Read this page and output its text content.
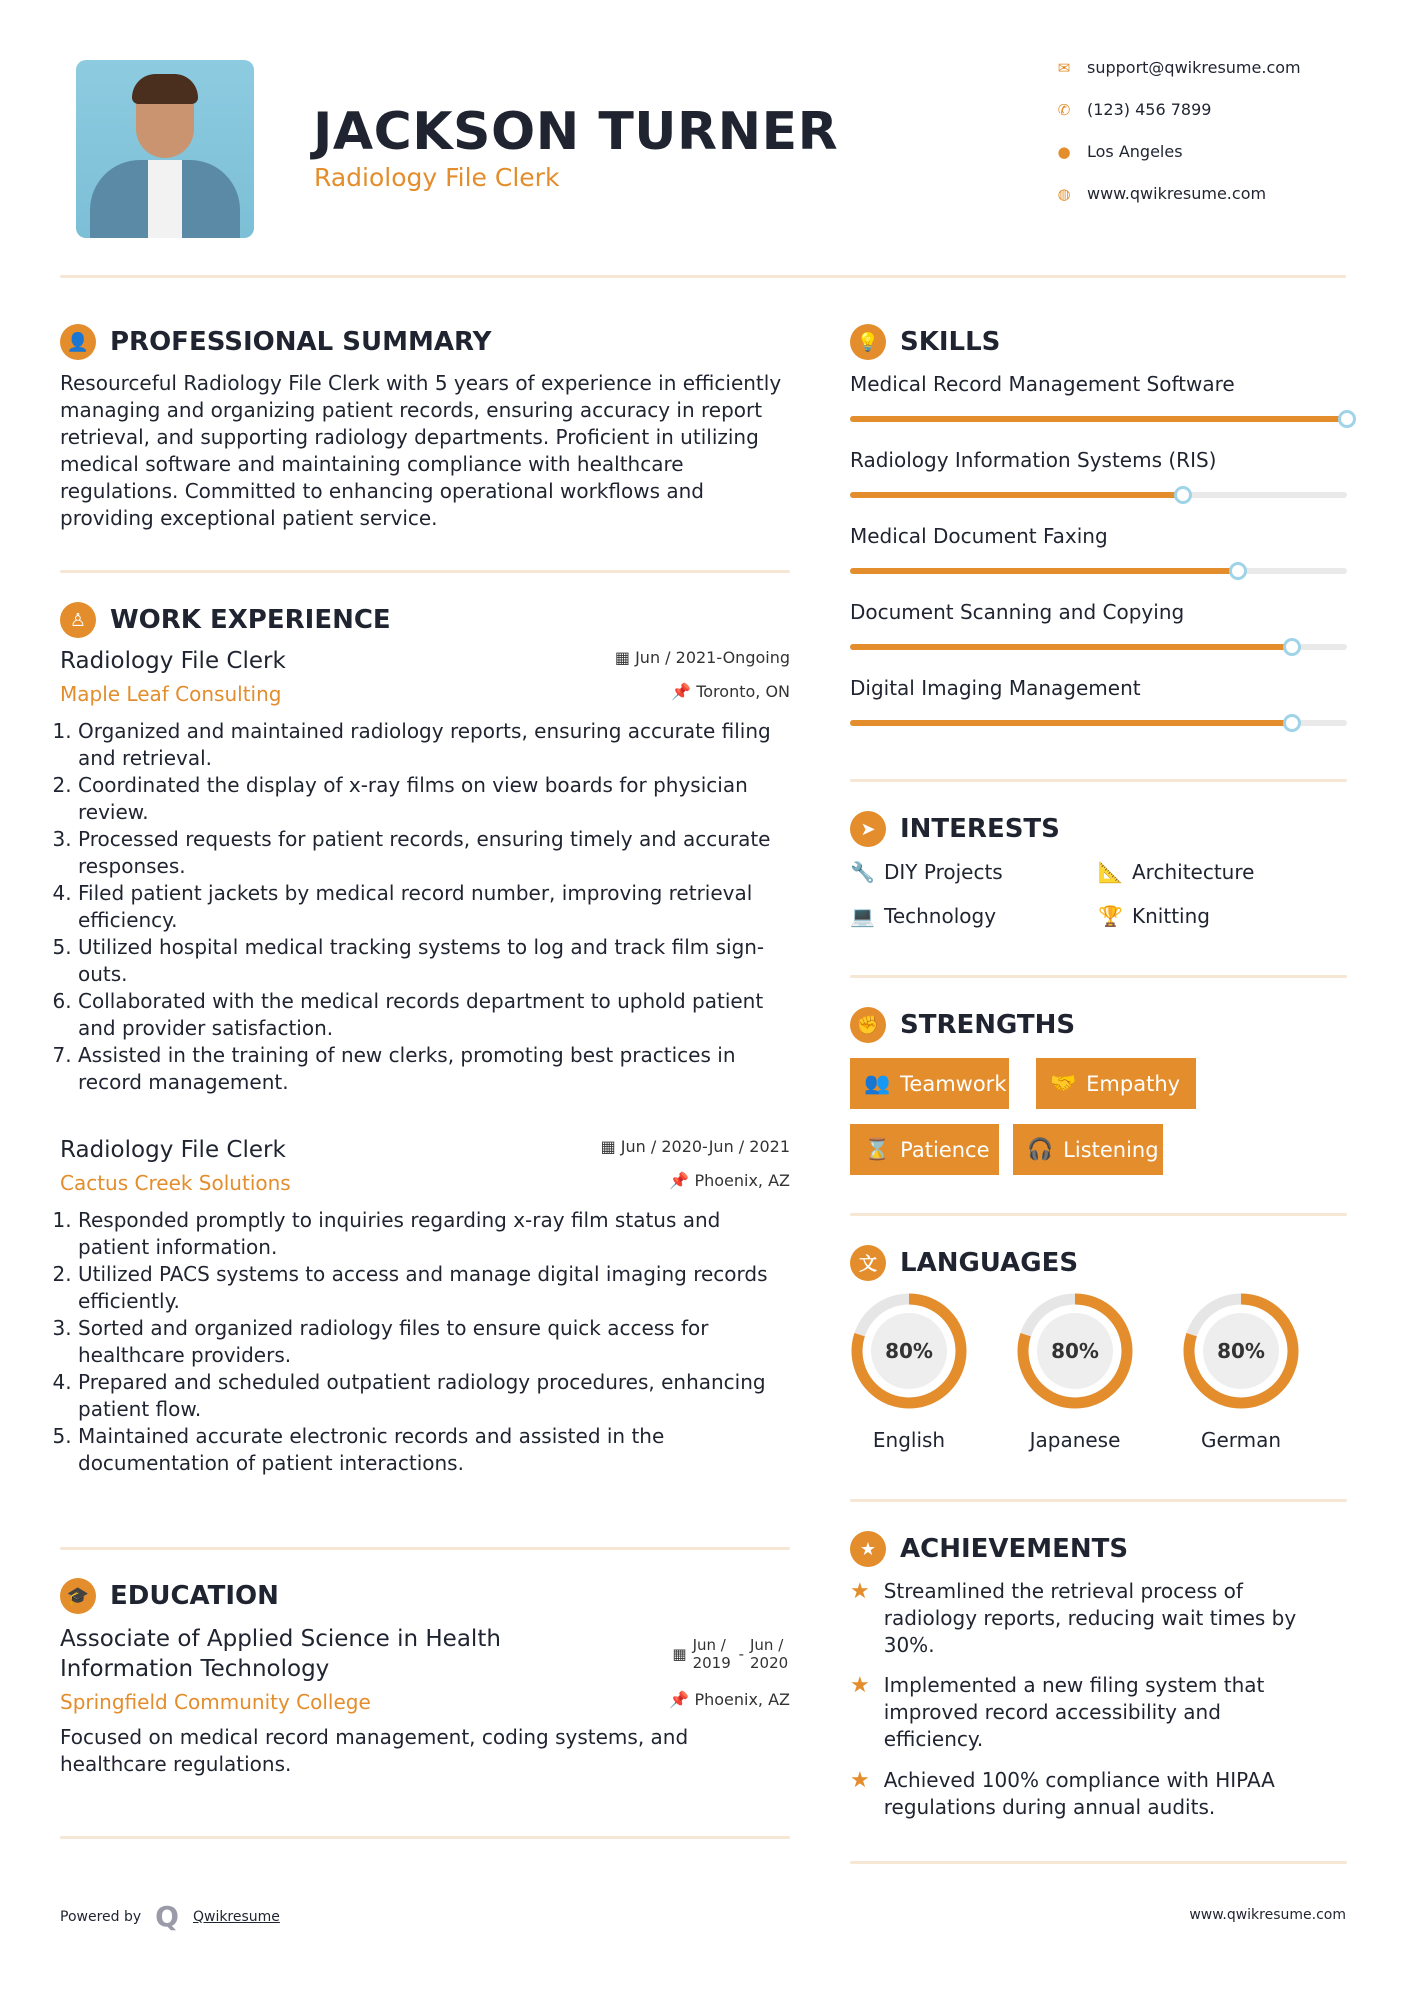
JACKSON TURNER
Radiology File Clerk
✉ support@qwikresume.com
✆ (123) 456 7899
● Los Angeles
◍ www.qwikresume.com
👤 PROFESSIONAL SUMMARY
Resourceful Radiology File Clerk with 5 years of experience in efficiently managing and organizing patient records, ensuring accuracy in report retrieval, and supporting radiology departments. Proficient in utilizing medical software and maintaining compliance with healthcare regulations. Committed to enhancing operational workflows and providing exceptional patient service.
♙ WORK EXPERIENCE
Radiology File Clerk	▦ Jun / 2021-Ongoing
Maple Leaf Consulting	📌 Toronto, ON
1. Organized and maintained radiology reports, ensuring accurate filing and retrieval.
2. Coordinated the display of x-ray films on view boards for physician review.
3. Processed requests for patient records, ensuring timely and accurate responses.
4. Filed patient jackets by medical record number, improving retrieval efficiency.
5. Utilized hospital medical tracking systems to log and track film sign-outs.
6. Collaborated with the medical records department to uphold patient and provider satisfaction.
7. Assisted in the training of new clerks, promoting best practices in record management.
Radiology File Clerk	▦ Jun / 2020-Jun / 2021
Cactus Creek Solutions	📌 Phoenix, AZ
1. Responded promptly to inquiries regarding x-ray film status and patient information.
2. Utilized PACS systems to access and manage digital imaging records efficiently.
3. Sorted and organized radiology files to ensure quick access for healthcare providers.
4. Prepared and scheduled outpatient radiology procedures, enhancing patient flow.
5. Maintained accurate electronic records and assisted in the documentation of patient interactions.
🎓 EDUCATION
Associate of Applied Science in Health Information Technology
▦ Jun / 2019 - Jun / 2020
Springfield Community College	📌 Phoenix, AZ
Focused on medical record management, coding systems, and healthcare regulations.
💡 SKILLS
Medical Record Management Software
Radiology Information Systems (RIS)
Medical Document Faxing
Document Scanning and Copying
Digital Imaging Management
➤ INTERESTS
🔧 DIY Projects	📐 Architecture
💻 Technology	🏆 Knitting
✊ STRENGTHS
👥 Teamwork 🤝 Empathy
⌛ Patience 🎧 Listening
文 LANGUAGES
80%
English
80%
Japanese
80%
German
★ ACHIEVEMENTS
★ Streamlined the retrieval process of radiology reports, reducing wait times by 30%.
★ Implemented a new filing system that improved record accessibility and efficiency.
★ Achieved 100% compliance with HIPAA regulations during annual audits.
Powered by Q Qwikresume	www.qwikresume.com
